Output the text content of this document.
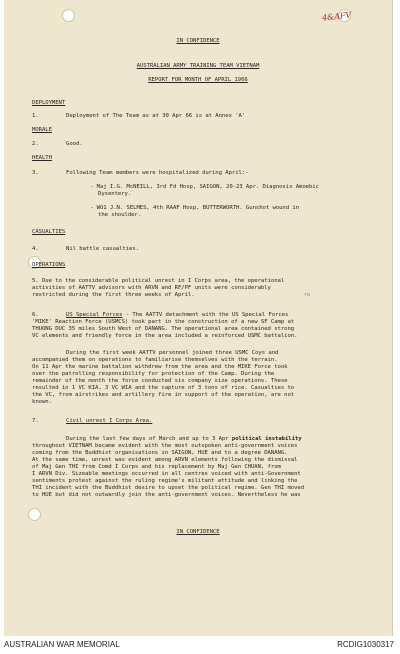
4&AFV
IN CONFIDENCE
AUSTRALIAN ARMY TRAINING TEAM VIETNAM
REPORT FOR MONTH OF APRIL 1966
DEPLOYMENT
1.	Deployment of The Team as at 30 Apr 66 is at Annex 'A'
MORALE
2.	Good.
HEALTH
3.	Following Team members were hospitalized during April:-
- Maj I.G. McNEILL, 3rd Fd Hosp, SAIGON, 20-23 Apr. Diagnosis Amoebic
Dysentery.
- WO1 J.N. SELMES, 4th RAAF Hosp, BUTTERWORTH. Gunshot wound in
the shoulder.
CASUALTIES
4.	Nil battle casualties.
OPERATIONS
5. Due to the considerable political unrest in I Corps area, the operational
activities of AATTV advisors with ARVN and RF/PF units were considerably
restricted during the first three weeks of April.	rw
6.	US Special Forces - The AATTV detachment with the US Special Forces
'MIKE' Reaction Force (USMCS) took part in the construction of a new SF Camp at
THUONG DUC 35 miles South West of DANANG. The operational area contained strong
VC elements and friendly force in the area included a reinforced USMC battalion.
During the first week AATTV personnel joined three USMC Coys and
accompanied them on operations to familiarise themselves with the terrain.
On 11 Apr the marine battalion withdrew from the area and the MIKE Force took
over the patrolling responsibility for protection of the Camp. During the
remainder of the month the force conducted six company size operations. These
resulted in 1 VC KIA, 3 VC WIA and the capture of 3 tons of rice. Casualties to
the VC, from airstrikes and artillery fire in support of the operation, are not
known.
7.	Civil unrest I Corps Area.
During the last few days of March and up to 3 Apr political instability
throughout VIETNAM became evident with the most outspoken anti-government voices
coming from the Buddhist organisations in SAIGON, HUE and to a degree DANANG.
At the same time, unrest was evident among ARVN elements following the dismissal
of Maj Gen THI from Comd I Corps and his replacement by Maj Gen CHUAN, from
I ARVN Div. Sizeable meetings occurred in all centres voiced with anti-Government
sentiments protest against the ruling regime's militant attitude and linking the
THI incident with the Buddhist desire to upset the political regime. Gen THI moved
to HUE but did not outwardly join the anti-government voices. Nevertheless he was
IN CONFIDENCE
AUSTRALIAN WAR MEMORIAL	RCDIG1030317
